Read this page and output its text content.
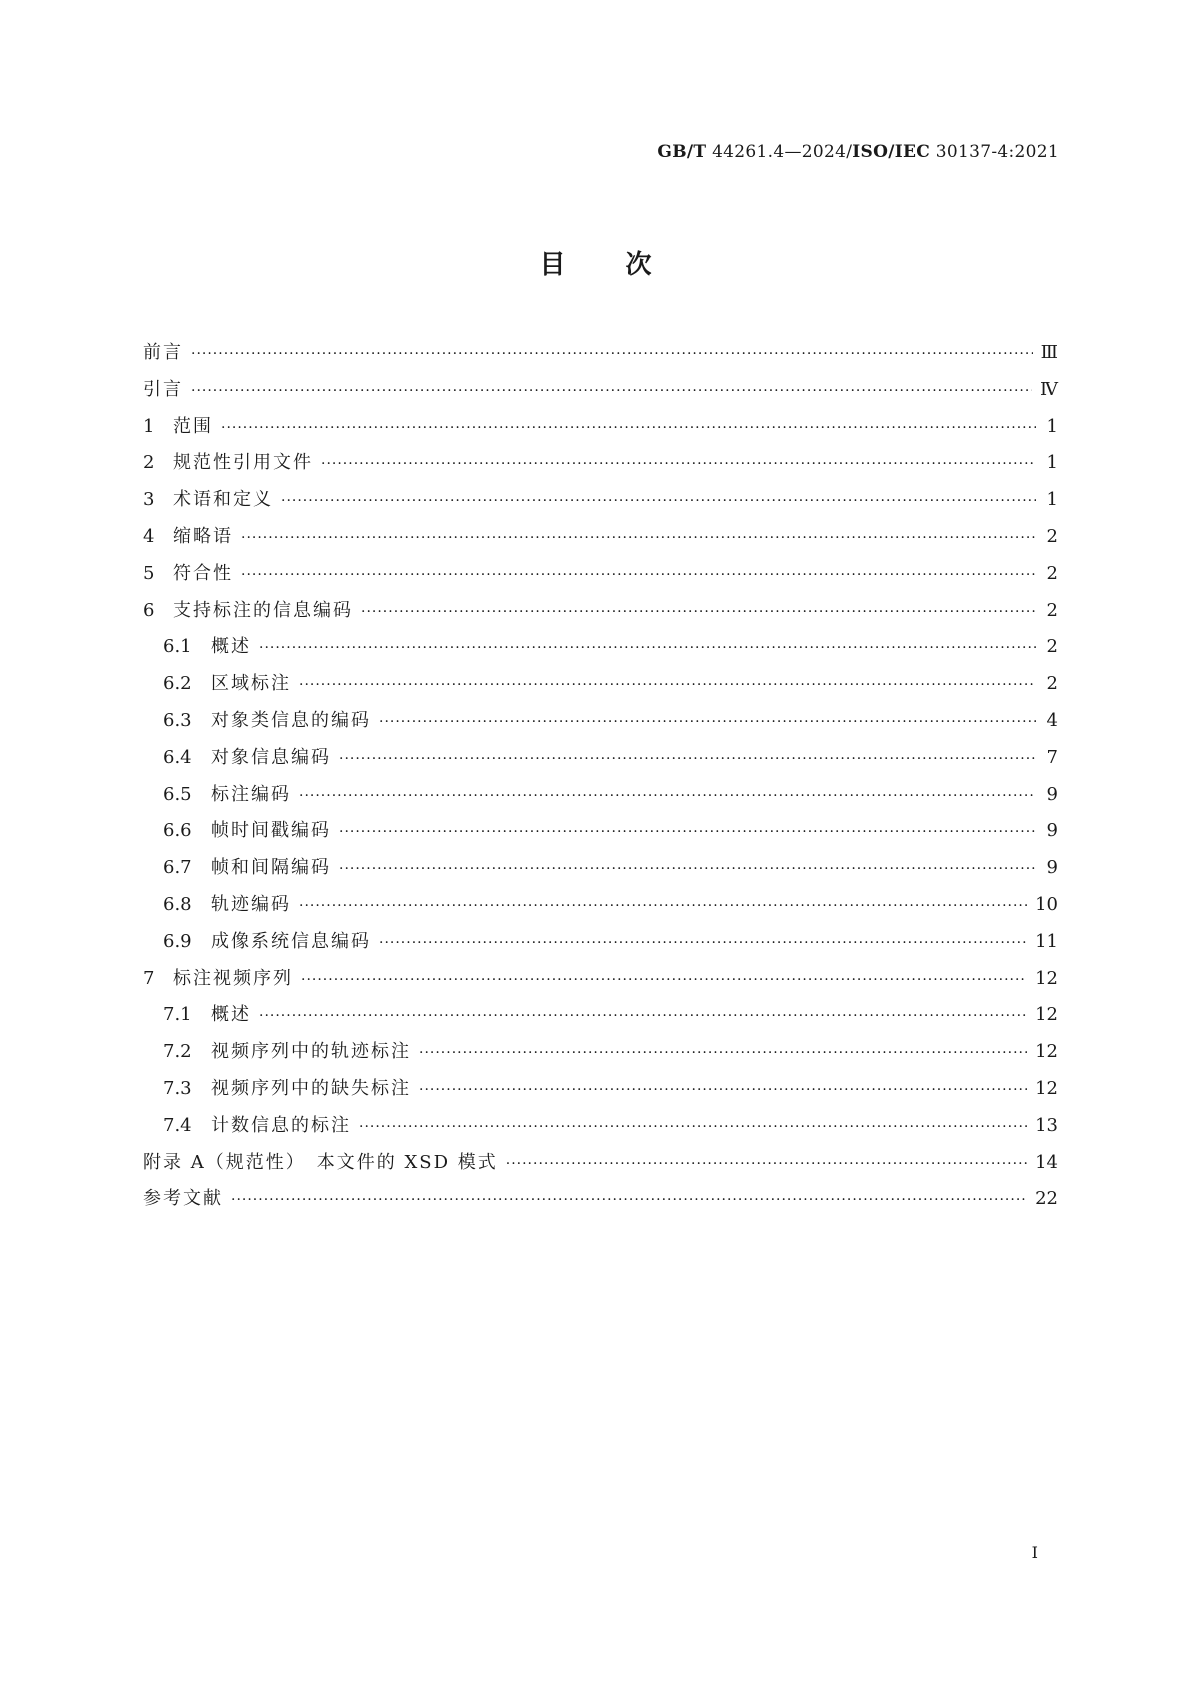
GB/T 44261.4—2024/ISO/IEC 30137-4:2021
目次
前言 ·····	Ⅲ
引言 ·····	Ⅳ
1	范围 ·····	1
2	规范性引用文件 ·····	1
3	术语和定义 ·····	1
4	缩略语 ·····	2
5	符合性 ·····	2
6	支持标注的信息编码 ·····	2
6.1	概述 ·····	2
6.2	区域标注 ·····	2
6.3	对象类信息的编码 ·····	4
6.4	对象信息编码 ·····	7
6.5	标注编码 ·····	9
6.6	帧时间戳编码 ·····	9
6.7	帧和间隔编码 ·····	9
6.8	轨迹编码 ·····	10
6.9	成像系统信息编码 ·····	11
7	标注视频序列 ·····	12
7.1	概述 ·····	12
7.2	视频序列中的轨迹标注 ·····	12
7.3	视频序列中的缺失标注 ·····	12
7.4	计数信息的标注 ·····	13
附录 A（规范性）　本文件的 XSD 模式 ·····	14
参考文献 ·····	22
Ⅰ
